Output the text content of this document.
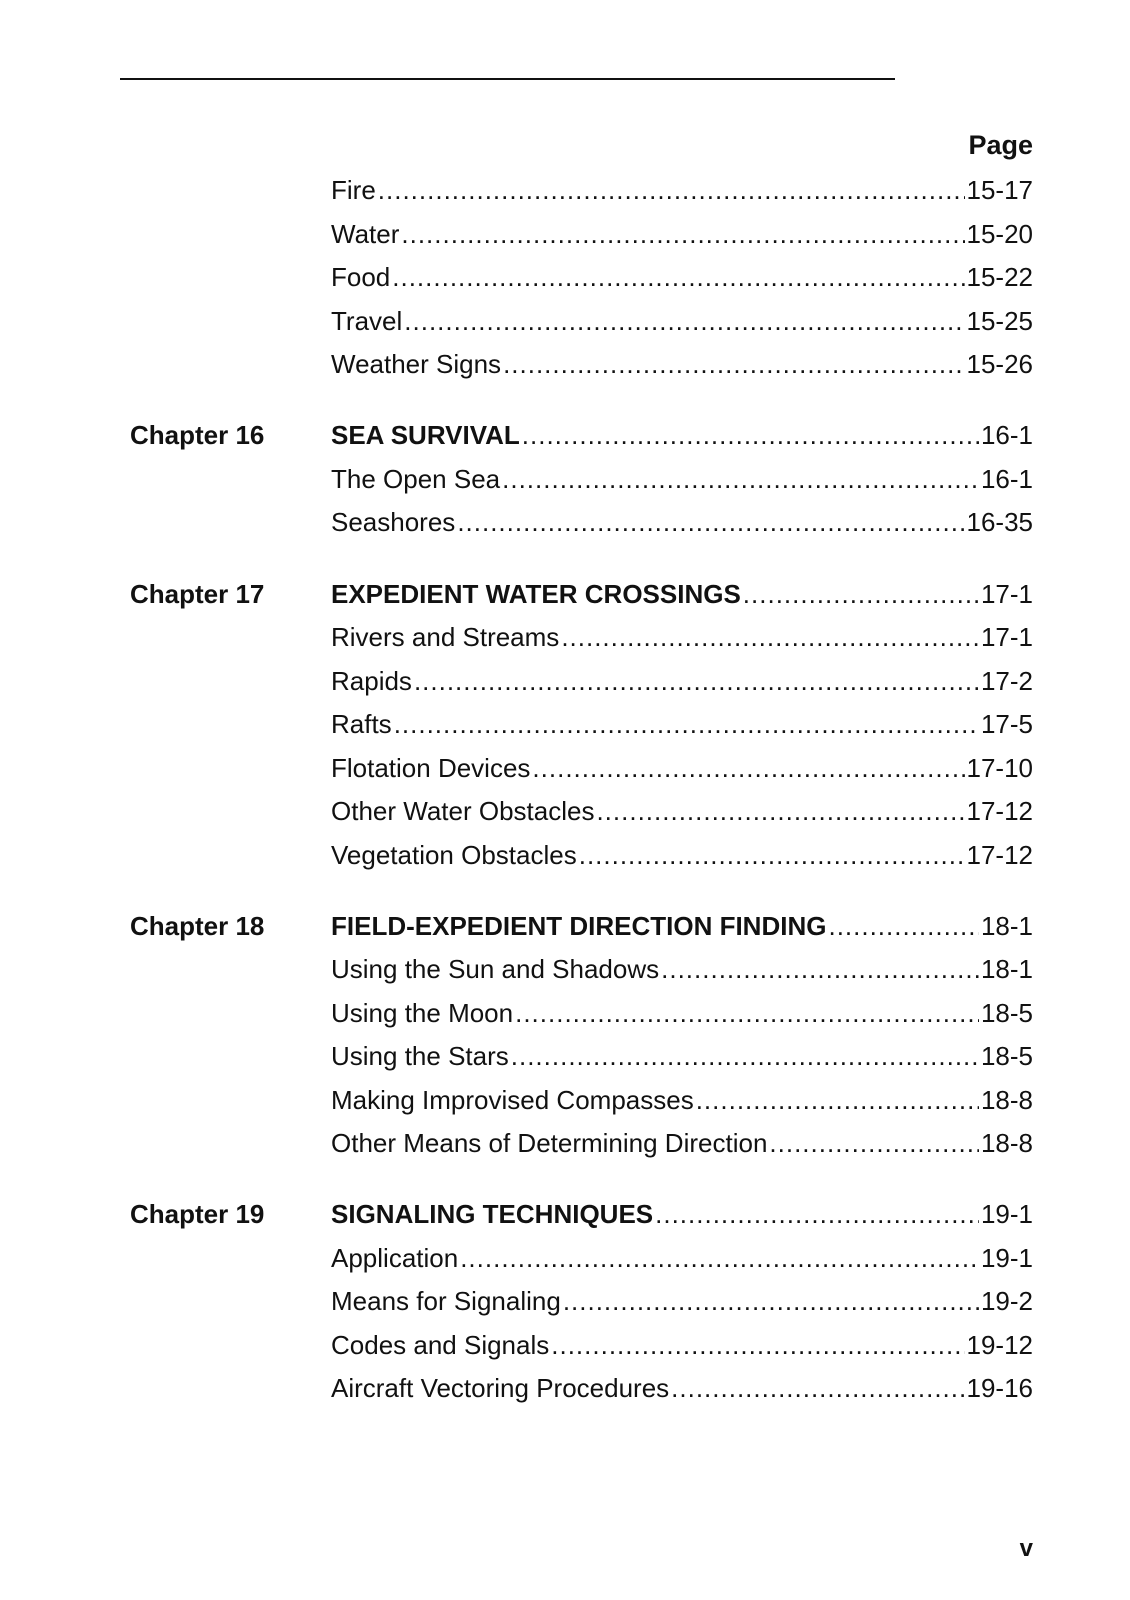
Page
Fire .....	15-17
Water .....	15-20
Food .....	15-22
Travel .....	15-25
Weather Signs .....	15-26
Chapter 16	SEA SURVIVAL .....	16-1
The Open Sea .....	16-1
Seashores .....	16-35
Chapter 17	EXPEDIENT WATER CROSSINGS .....	17-1
Rivers and Streams .....	17-1
Rapids .....	17-2
Rafts .....	17-5
Flotation Devices .....	17-10
Other Water Obstacles .....	17-12
Vegetation Obstacles .....	17-12
Chapter 18	FIELD-EXPEDIENT DIRECTION FINDING .....	18-1
Using the Sun and Shadows .....	18-1
Using the Moon .....	18-5
Using the Stars .....	18-5
Making Improvised Compasses .....	18-8
Other Means of Determining Direction .....	18-8
Chapter 19	SIGNALING TECHNIQUES .....	19-1
Application .....	19-1
Means for Signaling .....	19-2
Codes and Signals .....	19-12
Aircraft Vectoring Procedures .....	19-16
v
